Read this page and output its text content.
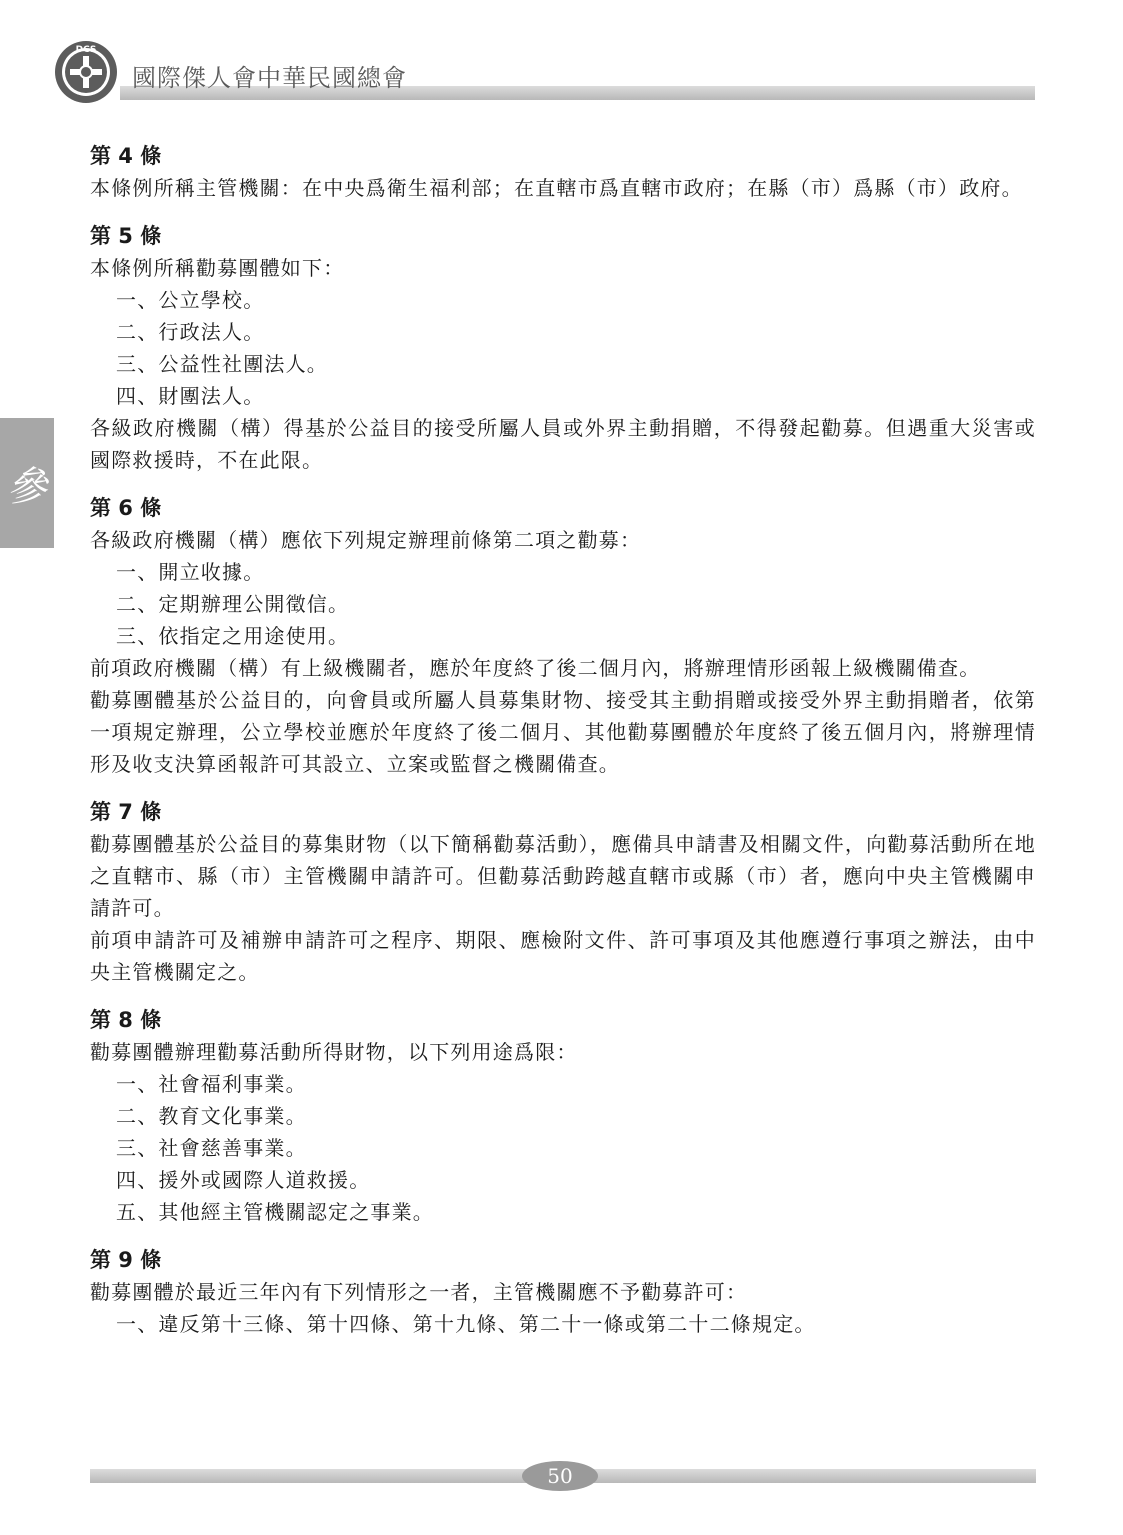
DCS
國際傑人會中華民國總會
參
第 4 條
本條例所稱主管機關：在中央爲衛生福利部；在直轄市爲直轄市政府；在縣（市）爲縣（市）政府。
第 5 條
本條例所稱勸募團體如下：
一、公立學校。
二、行政法人。
三、公益性社團法人。
四、財團法人。
各級政府機關（構）得基於公益目的接受所屬人員或外界主動捐贈，不得發起勸募。但遇重大災害或國際救援時，不在此限。
第 6 條
各級政府機關（構）應依下列規定辦理前條第二項之勸募：
一、開立收據。
二、定期辦理公開徵信。
三、依指定之用途使用。
前項政府機關（構）有上級機關者，應於年度終了後二個月內，將辦理情形函報上級機關備查。
勸募團體基於公益目的，向會員或所屬人員募集財物、接受其主動捐贈或接受外界主動捐贈者，依第一項規定辦理，公立學校並應於年度終了後二個月、其他勸募團體於年度終了後五個月內，將辦理情形及收支決算函報許可其設立、立案或監督之機關備查。
第 7 條
勸募團體基於公益目的募集財物（以下簡稱勸募活動），應備具申請書及相關文件，向勸募活動所在地之直轄市、縣（市）主管機關申請許可。但勸募活動跨越直轄市或縣（市）者，應向中央主管機關申請許可。
前項申請許可及補辦申請許可之程序、期限、應檢附文件、許可事項及其他應遵行事項之辦法，由中央主管機關定之。
第 8 條
勸募團體辦理勸募活動所得財物，以下列用途爲限：
一、社會福利事業。
二、教育文化事業。
三、社會慈善事業。
四、援外或國際人道救援。
五、其他經主管機關認定之事業。
第 9 條
勸募團體於最近三年內有下列情形之一者，主管機關應不予勸募許可：
一、違反第十三條、第十四條、第十九條、第二十一條或第二十二條規定。
50
